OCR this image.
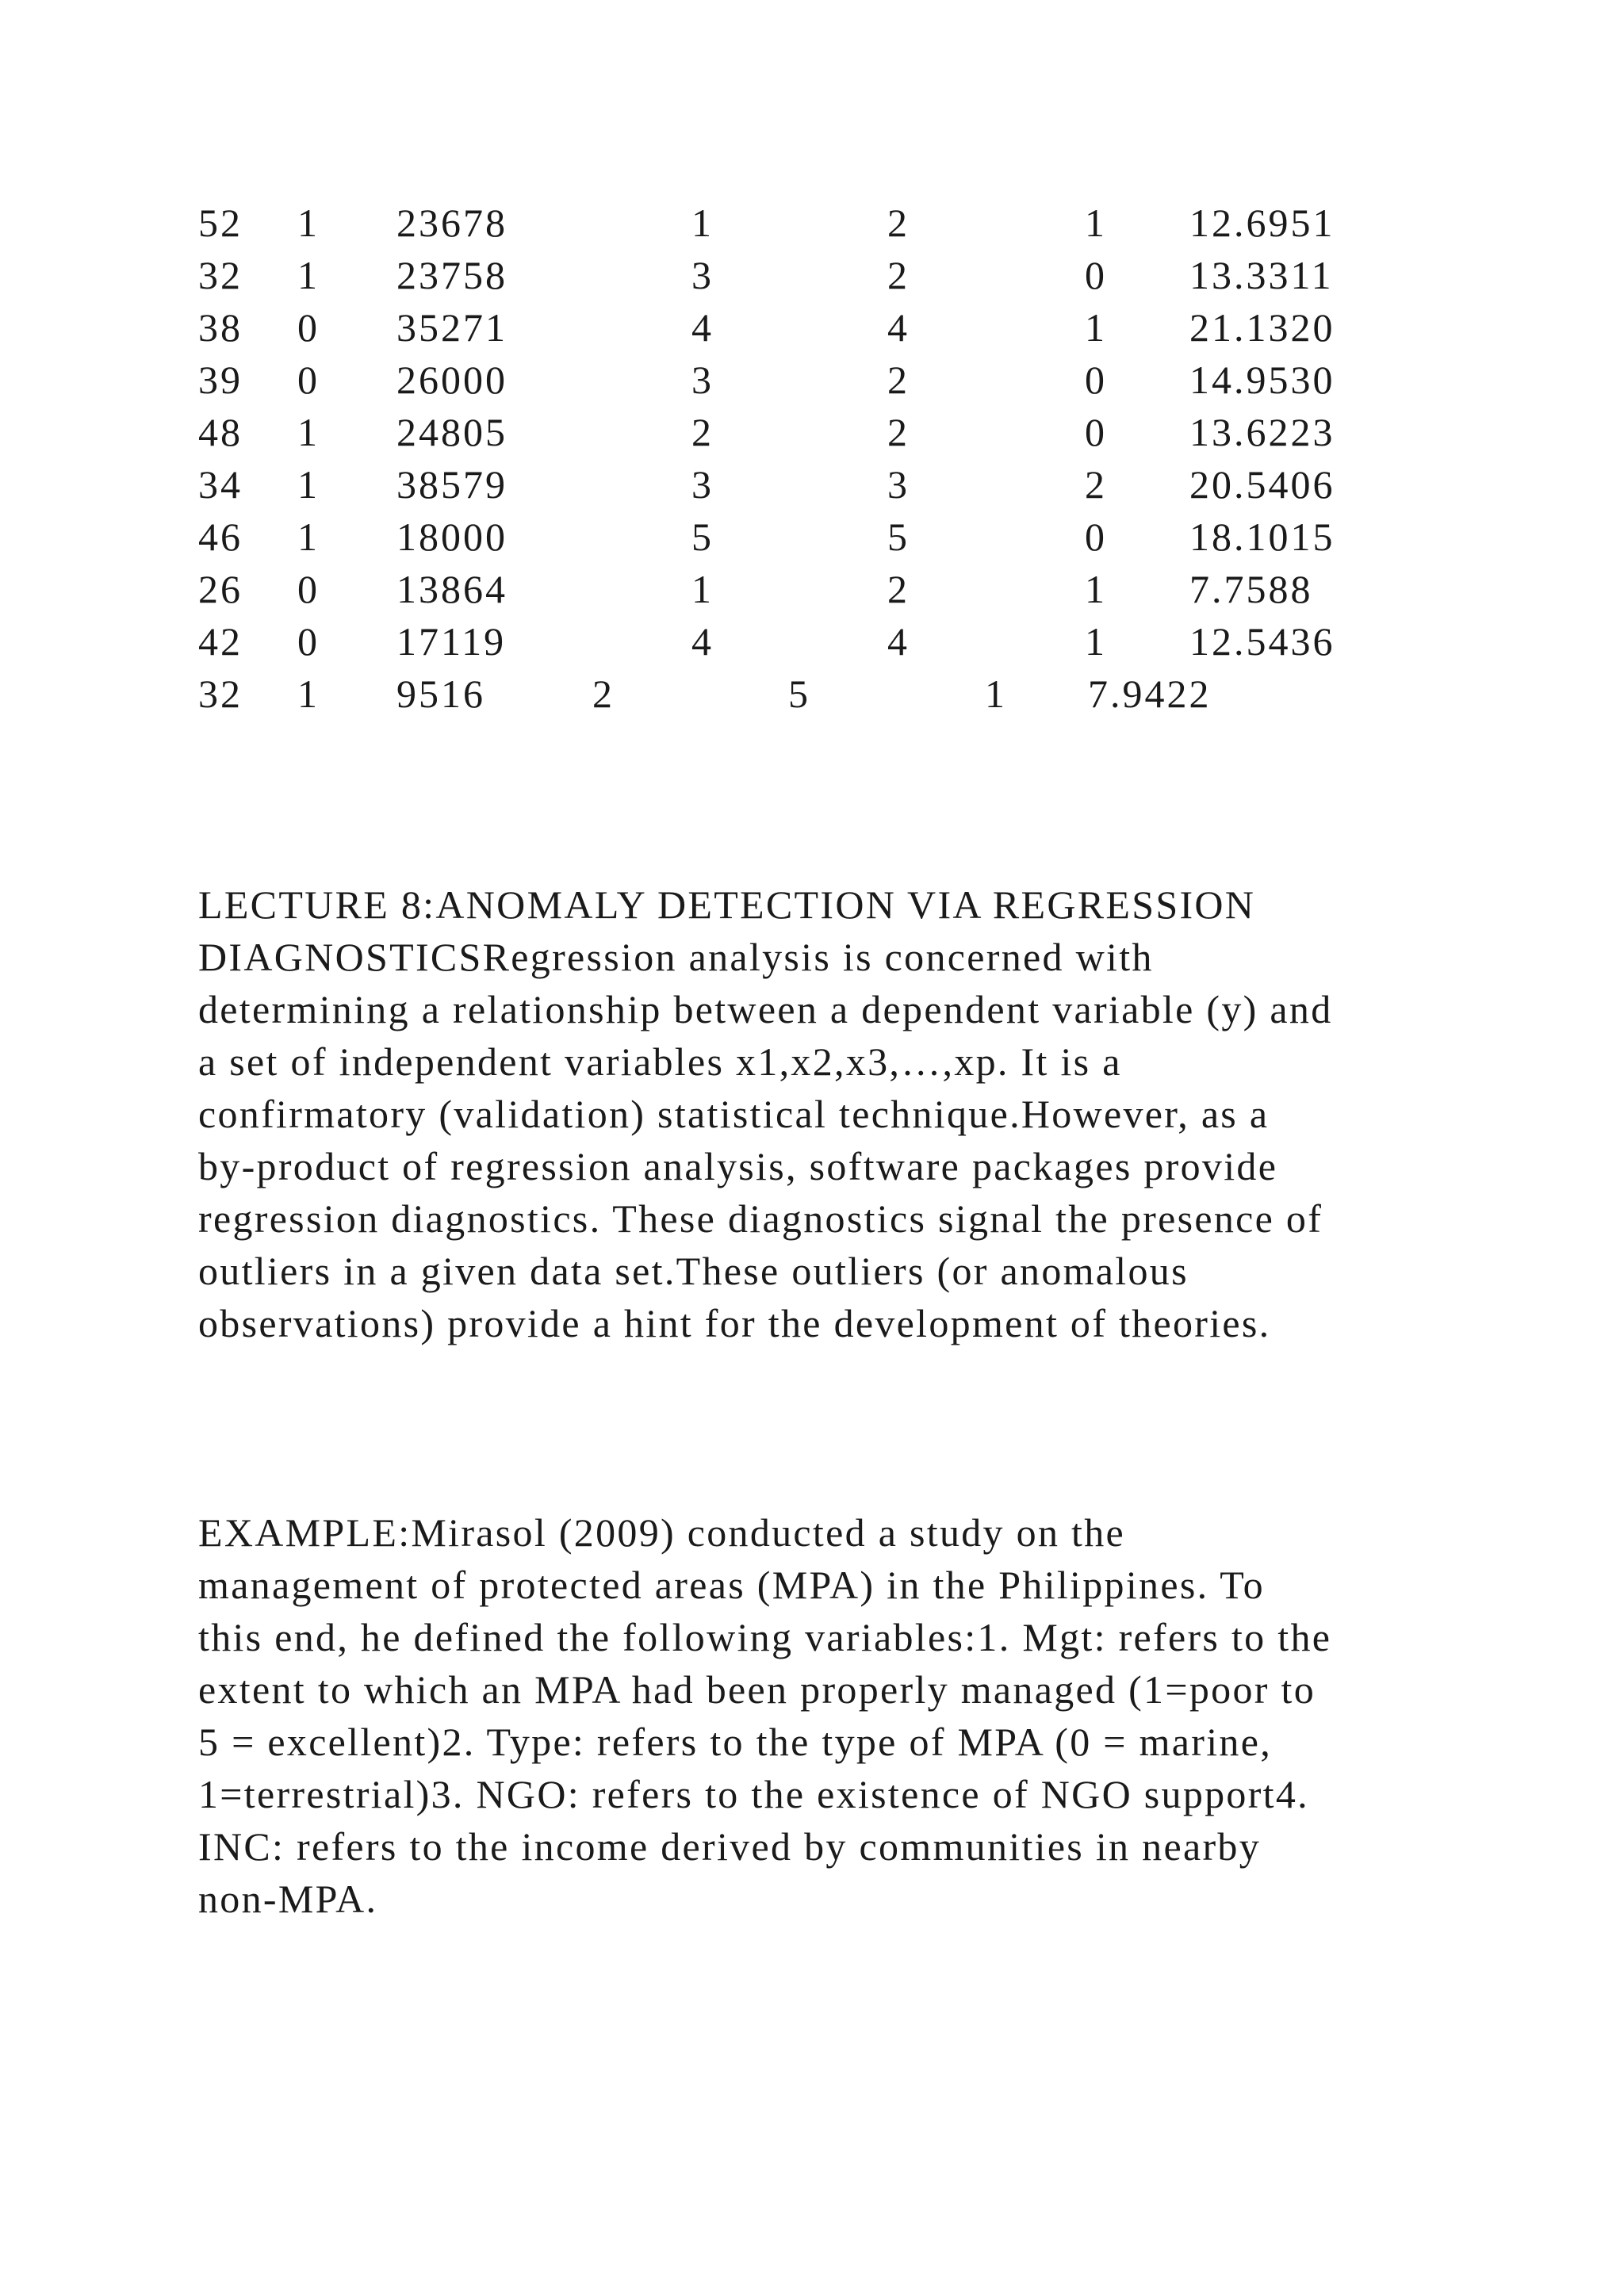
52 1 23678	1	2	1 12.6951
32 1 23758	3	2	0 13.3311
38 0 35271	4	4	1 21.1320
39 0 26000	3	2	0 14.9530
48 1 24805	2	2	0 13.6223
34 1 38579	3	3	2 20.5406
46 1 18000	5	5	0 18.1015
26 0 13864	1	2	1 7.7588
42 0 17119	4	4	1 12.5436
32 1 9516	2	5	1 7.9422

LECTURE 8:ANOMALY DETECTION VIA REGRESSION
DIAGNOSTICSRegression analysis is concerned with
determining a relationship between a dependent variable (y) and
a set of independent variables x1,x2,x3,…,xp. It is a
confirmatory (validation) statistical technique.However, as a
by-product of regression analysis, software packages provide
regression diagnostics. These diagnostics signal the presence of
outliers in a given data set.These outliers (or anomalous
observations) provide a hint for the development of theories.

EXAMPLE:Mirasol (2009) conducted a study on the
management of protected areas (MPA) in the Philippines. To
this end, he defined the following variables:1. Mgt: refers to the
extent to which an MPA had been properly managed (1=poor to
5 = excellent)2. Type: refers to the type of MPA (0 = marine,
1=terrestrial)3. NGO: refers to the existence of NGO support4.
INC: refers to the income derived by communities in nearby
non-MPA.
